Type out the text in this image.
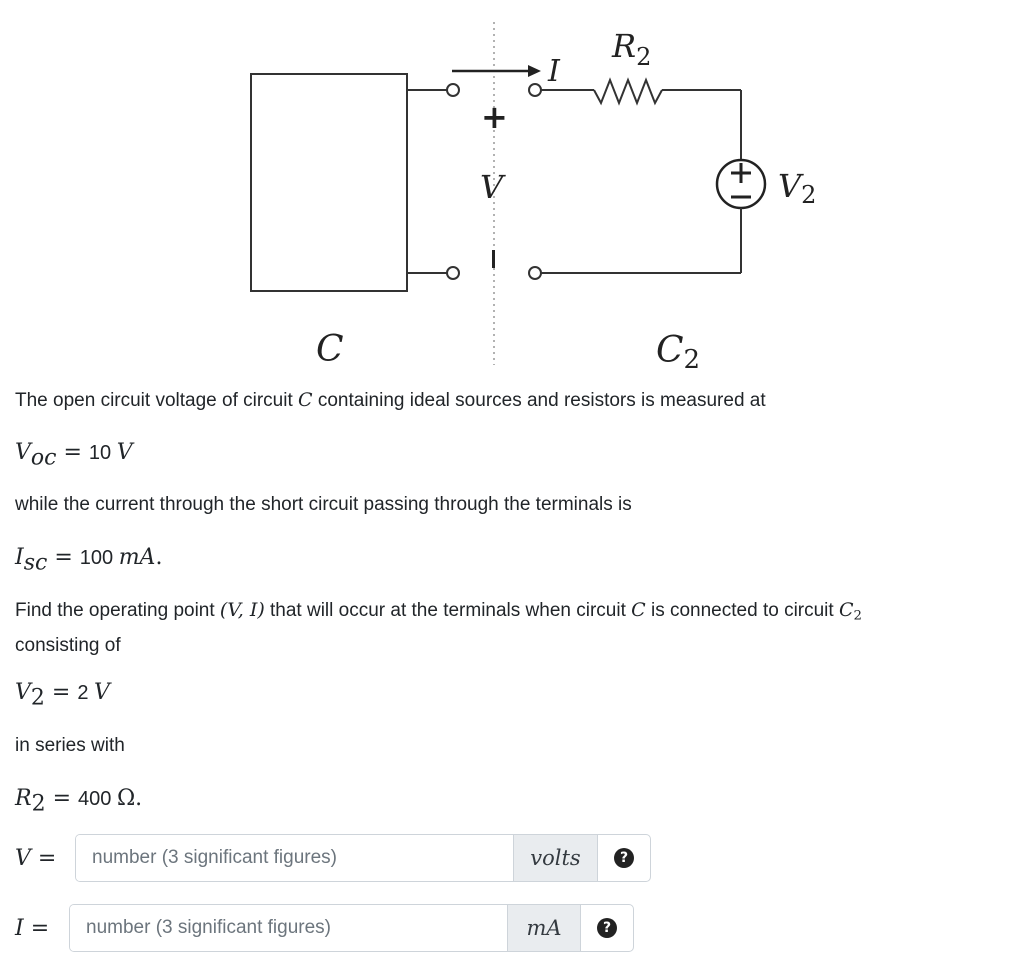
I
$R_2$
V2
+
V
C	C2

The open circuit voltage of circuit C containing ideal sources and resistors is measured at

Voc = 10 V

while the current through the short circuit passing through the terminals is

Isc = 100 mA.

Find the operating point (V, I) that will occur at the terminals when circuit C is connected to circuit $C_2$
consisting of

V2 = 2 V

in series with

R2 = 400 Ω.
V =
number (3 significant figures)	volts	?
I =
number (3 significant figures)	mA	?
